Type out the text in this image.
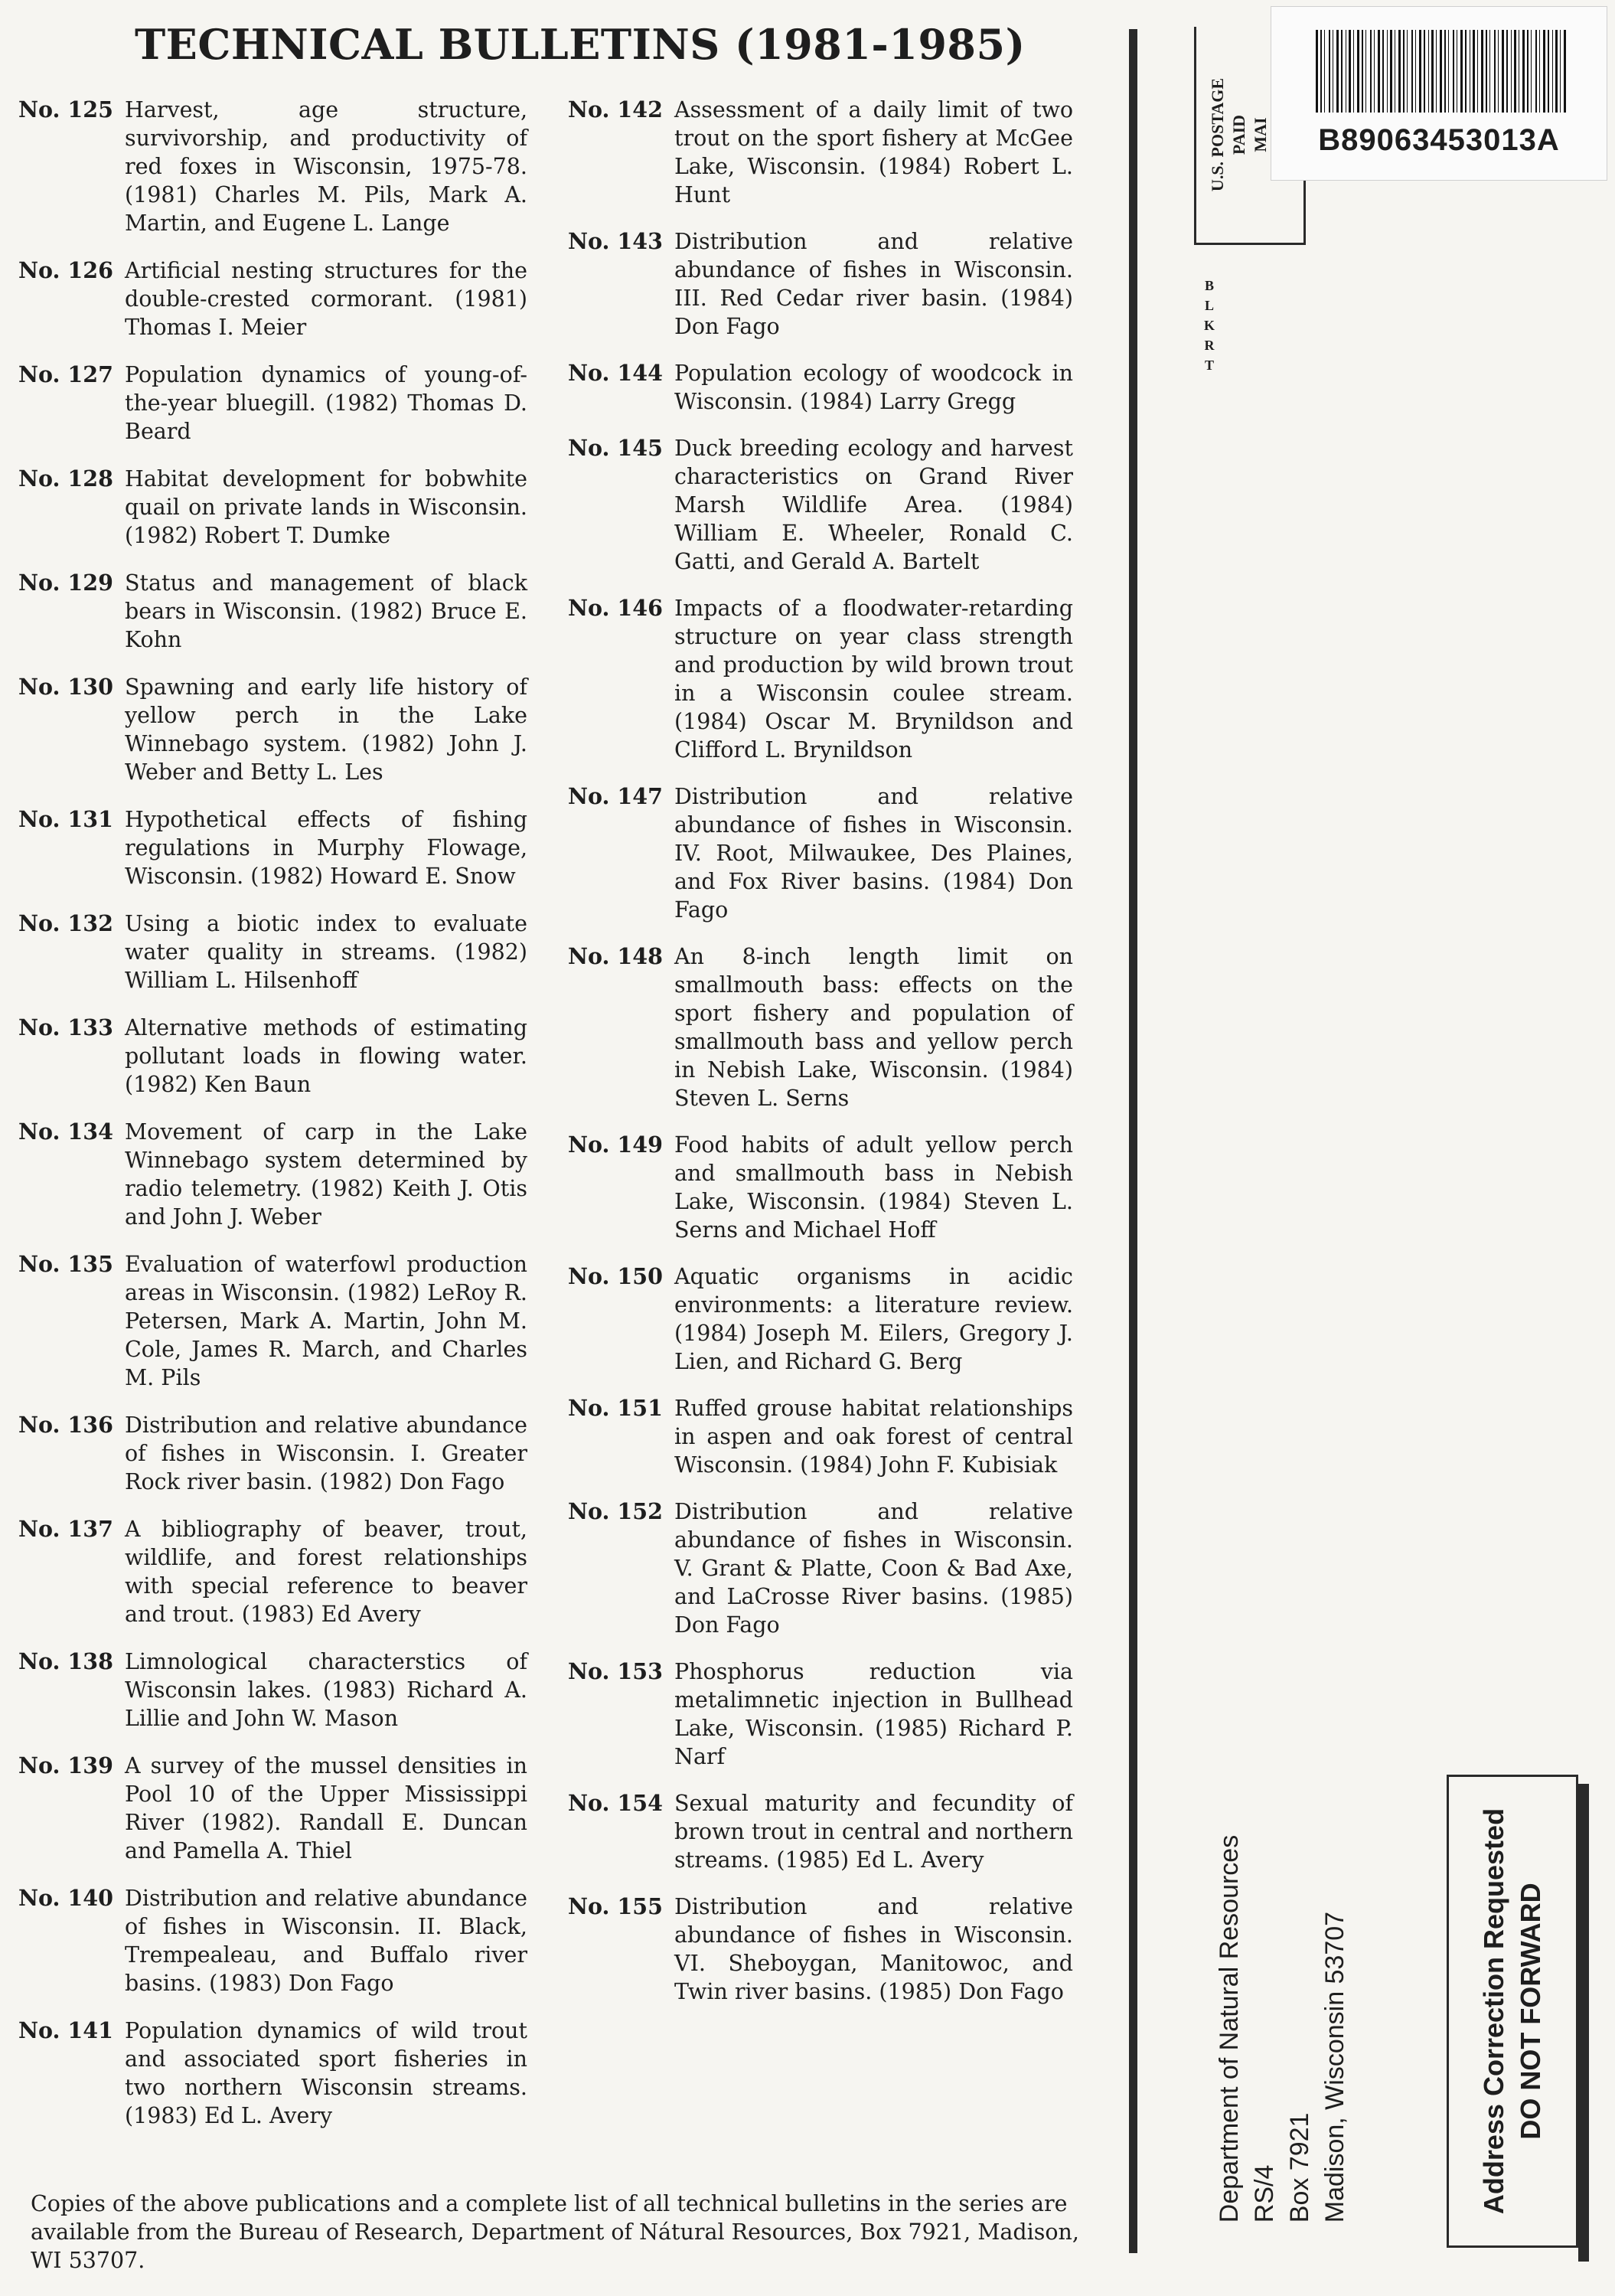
TECHNICAL BULLETINS (1981-1985)
No. 125 Harvest, age structure, survivorship, and productivity of red foxes in Wisconsin, 1975-78. (1981) Charles M. Pils, Mark A. Martin, and Eugene L. Lange
No. 126 Artificial nesting structures for the double-crested cormorant. (1981) Thomas I. Meier
No. 127 Population dynamics of young-of-the-year bluegill. (1982) Thomas D. Beard
No. 128 Habitat development for bobwhite quail on private lands in Wisconsin. (1982) Robert T. Dumke
No. 129 Status and management of black bears in Wisconsin. (1982) Bruce E. Kohn
No. 130 Spawning and early life history of yellow perch in the Lake Winnebago system. (1982) John J. Weber and Betty L. Les
No. 131 Hypothetical effects of fishing regulations in Murphy Flowage, Wisconsin. (1982) Howard E. Snow
No. 132 Using a biotic index to evaluate water quality in streams. (1982) William L. Hilsenhoff
No. 133 Alternative methods of estimating pollutant loads in flowing water. (1982) Ken Baun
No. 134 Movement of carp in the Lake Winnebago system determined by radio telemetry. (1982) Keith J. Otis and John J. Weber
No. 135 Evaluation of waterfowl production areas in Wisconsin. (1982) LeRoy R. Petersen, Mark A. Martin, John M. Cole, James R. March, and Charles M. Pils
No. 136 Distribution and relative abundance of fishes in Wisconsin. I. Greater Rock river basin. (1982) Don Fago
No. 137 A bibliography of beaver, trout, wildlife, and forest relationships with special reference to beaver and trout. (1983) Ed Avery
No. 138 Limnological characterstics of Wisconsin lakes. (1983) Richard A. Lillie and John W. Mason
No. 139 A survey of the mussel densities in Pool 10 of the Upper Mississippi River (1982). Randall E. Duncan and Pamella A. Thiel
No. 140 Distribution and relative abundance of fishes in Wisconsin. II. Black, Trempealeau, and Buffalo river basins. (1983) Don Fago
No. 141 Population dynamics of wild trout and associated sport fisheries in two northern Wisconsin streams. (1983) Ed L. Avery
No. 142 Assessment of a daily limit of two trout on the sport fishery at McGee Lake, Wisconsin. (1984) Robert L. Hunt
No. 143 Distribution and relative abundance of fishes in Wisconsin. III. Red Cedar river basin. (1984) Don Fago
No. 144 Population ecology of woodcock in Wisconsin. (1984) Larry Gregg
No. 145 Duck breeding ecology and harvest characteristics on Grand River Marsh Wildlife Area. (1984) William E. Wheeler, Ronald C. Gatti, and Gerald A. Bartelt
No. 146 Impacts of a floodwater-retarding structure on year class strength and production by wild brown trout in a Wisconsin coulee stream. (1984) Oscar M. Brynildson and Clifford L. Brynildson
No. 147 Distribution and relative abundance of fishes in Wisconsin. IV. Root, Milwaukee, Des Plaines, and Fox River basins. (1984) Don Fago
No. 148 An 8-inch length limit on smallmouth bass: effects on the sport fishery and population of smallmouth bass and yellow perch in Nebish Lake, Wisconsin. (1984) Steven L. Serns
No. 149 Food habits of adult yellow perch and smallmouth bass in Nebish Lake, Wisconsin. (1984) Steven L. Serns and Michael Hoff
No. 150 Aquatic organisms in acidic environments: a literature review. (1984) Joseph M. Eilers, Gregory J. Lien, and Richard G. Berg
No. 151 Ruffed grouse habitat relationships in aspen and oak forest of central Wisconsin. (1984) John F. Kubisiak
No. 152 Distribution and relative abundance of fishes in Wisconsin. V. Grant & Platte, Coon & Bad Axe, and LaCrosse River basins. (1985) Don Fago
No. 153 Phosphorus reduction via metalimnetic injection in Bullhead Lake, Wisconsin. (1985) Richard P. Narf
No. 154 Sexual maturity and fecundity of brown trout in central and northern streams. (1985) Ed L. Avery
No. 155 Distribution and relative abundance of fishes in Wisconsin. VI. Sheboygan, Manitowoc, and Twin river basins. (1985) Don Fago

Copies of the above publications and a complete list of all technical bulletins in the series are available from the Bureau of Research, Department of Nátural Resources, Box 7921, Madison, WI 53707.

U.S. POSTAGE PAID MAI	B89063453013A
B
L
K
R
T
Department of Natural Resources RS/4 Box 7921 Madison, Wisconsin 53707	Address Correction Requested DO NOT FORWARD
